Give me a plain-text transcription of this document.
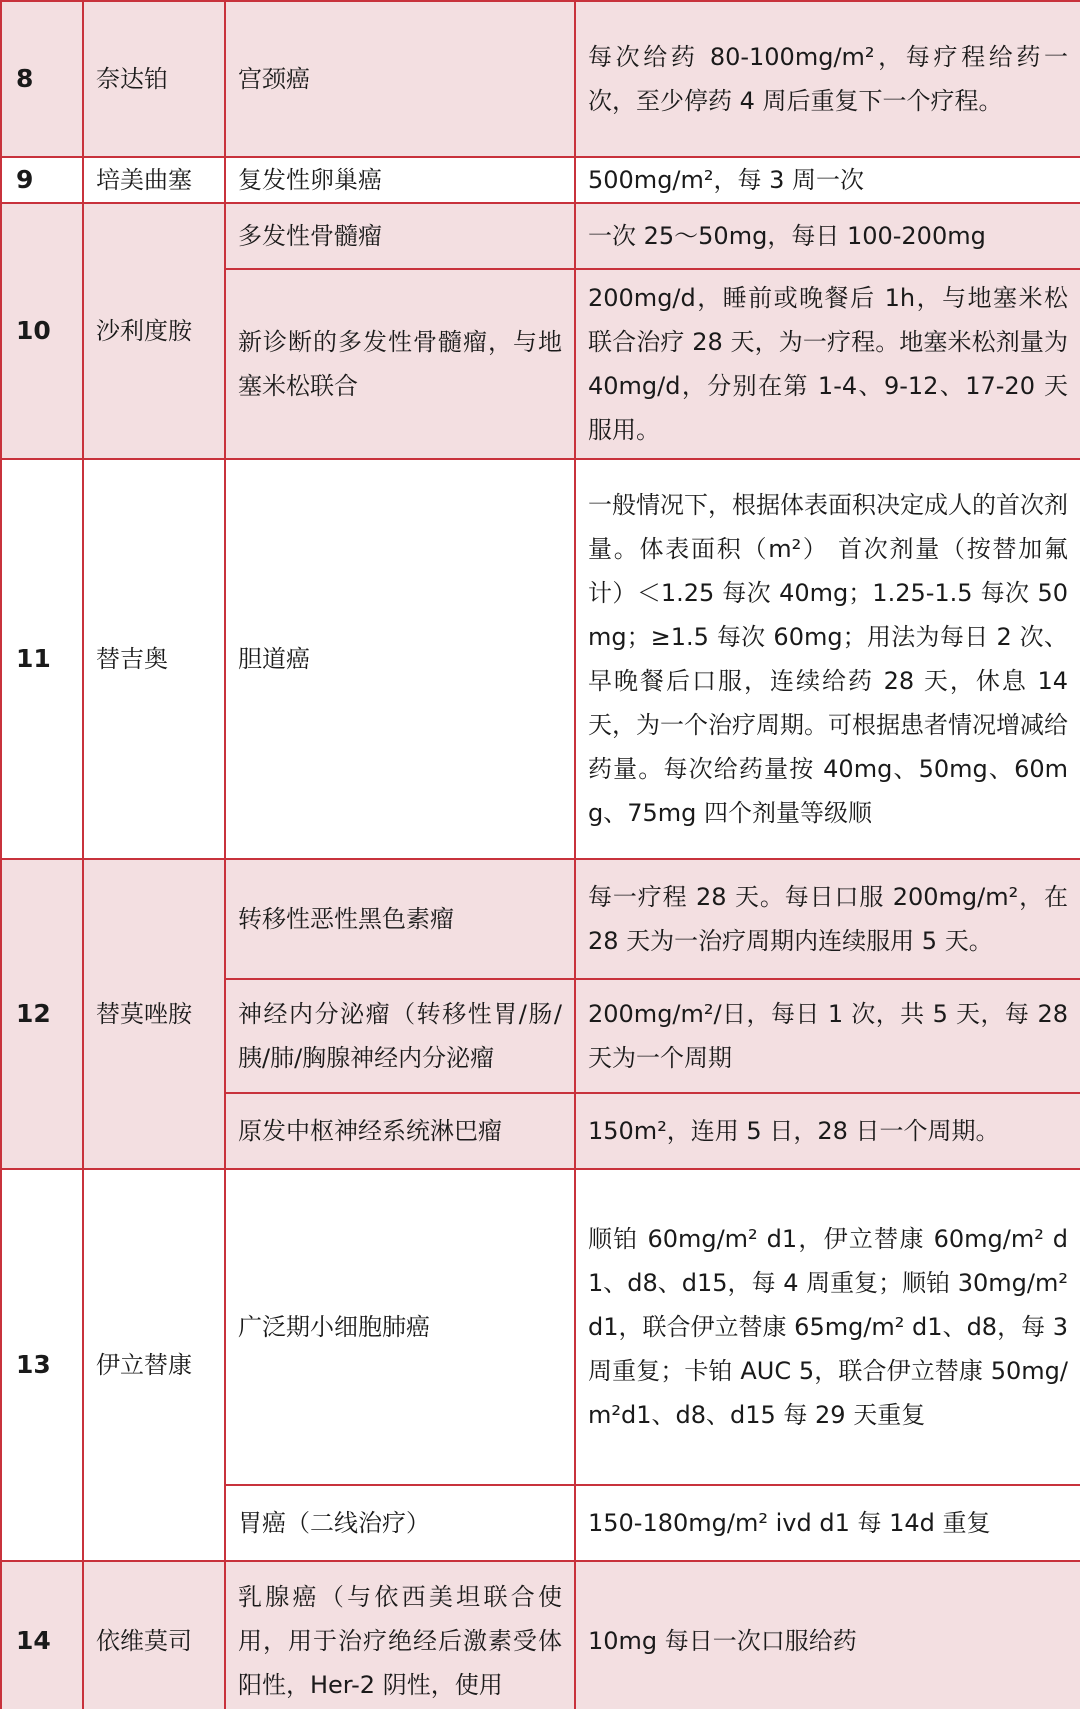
8	奈达铂	宫颈癌	每次给药 80-100mg/m²，每疗程给药一次，至少停药 4 周后重复下一个疗程。
9	培美曲塞	复发性卵巢癌	500mg/m²，每 3 周一次
10	沙利度胺	多发性骨髓瘤	一次 25～50mg，每日 100-200mg
		新诊断的多发性骨髓瘤，与地塞米松联合	200mg/d，睡前或晚餐后 1h，与地塞米松联合治疗 28 天，为一疗程。地塞米松剂量为 40mg/d，分别在第 1-4、9-12、17-20 天服用。
11	替吉奥	胆道癌	一般情况下，根据体表面积决定成人的首次剂量。体表面积（m²） 首次剂量（按替加氟计）＜1.25 每次 40mg；1.25-1.5 每次 50mg；≥1.5 每次 60mg；用法为每日 2 次、早晚餐后口服，连续给药 28 天，休息 14 天，为一个治疗周期。可根据患者情况增减给药量。每次给药量按 40mg、50mg、60mg、75mg 四个剂量等级顺
12	替莫唑胺	转移性恶性黑色素瘤	每一疗程 28 天。每日口服 200mg/m²，在 28 天为一治疗周期内连续服用 5 天。
		神经内分泌瘤（转移性胃/肠/胰/肺/胸腺神经内分泌瘤	200mg/m²/日，每日 1 次，共 5 天，每 28 天为一个周期
		原发中枢神经系统淋巴瘤	150m²，连用 5 日，28 日一个周期。
13	伊立替康	广泛期小细胞肺癌	顺铂 60mg/m² d1，伊立替康 60mg/m² d1、d8、d15，每 4 周重复；顺铂 30mg/m² d1，联合伊立替康 65mg/m² d1、d8，每 3 周重复；卡铂 AUC 5，联合伊立替康 50mg/m²d1、d8、d15 每 29 天重复
		胃癌（二线治疗）	150-180mg/m² ivd d1 每 14d 重复
14	依维莫司	乳腺癌（与依西美坦联合使用，用于治疗绝经后激素受体阳性，Her-2 阴性，使用	10mg 每日一次口服给药
